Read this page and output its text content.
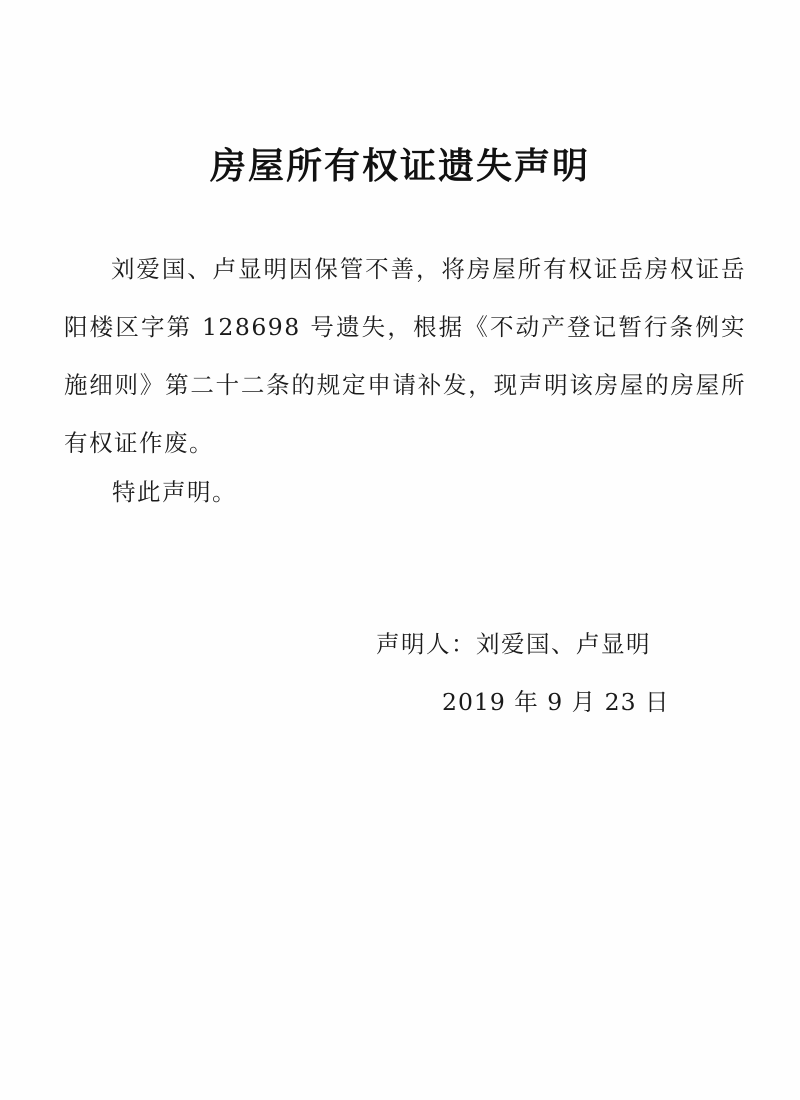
房屋所有权证遗失声明

刘爱国、卢显明因保管不善，将房屋所有权证岳房权证岳阳楼区字第 128698 号遗失，根据《不动产登记暂行条例实施细则》第二十二条的规定申请补发，现声明该房屋的房屋所有权证作废。

特此声明。

声明人：刘爱国、卢显明
2019 年 9 月 23 日
